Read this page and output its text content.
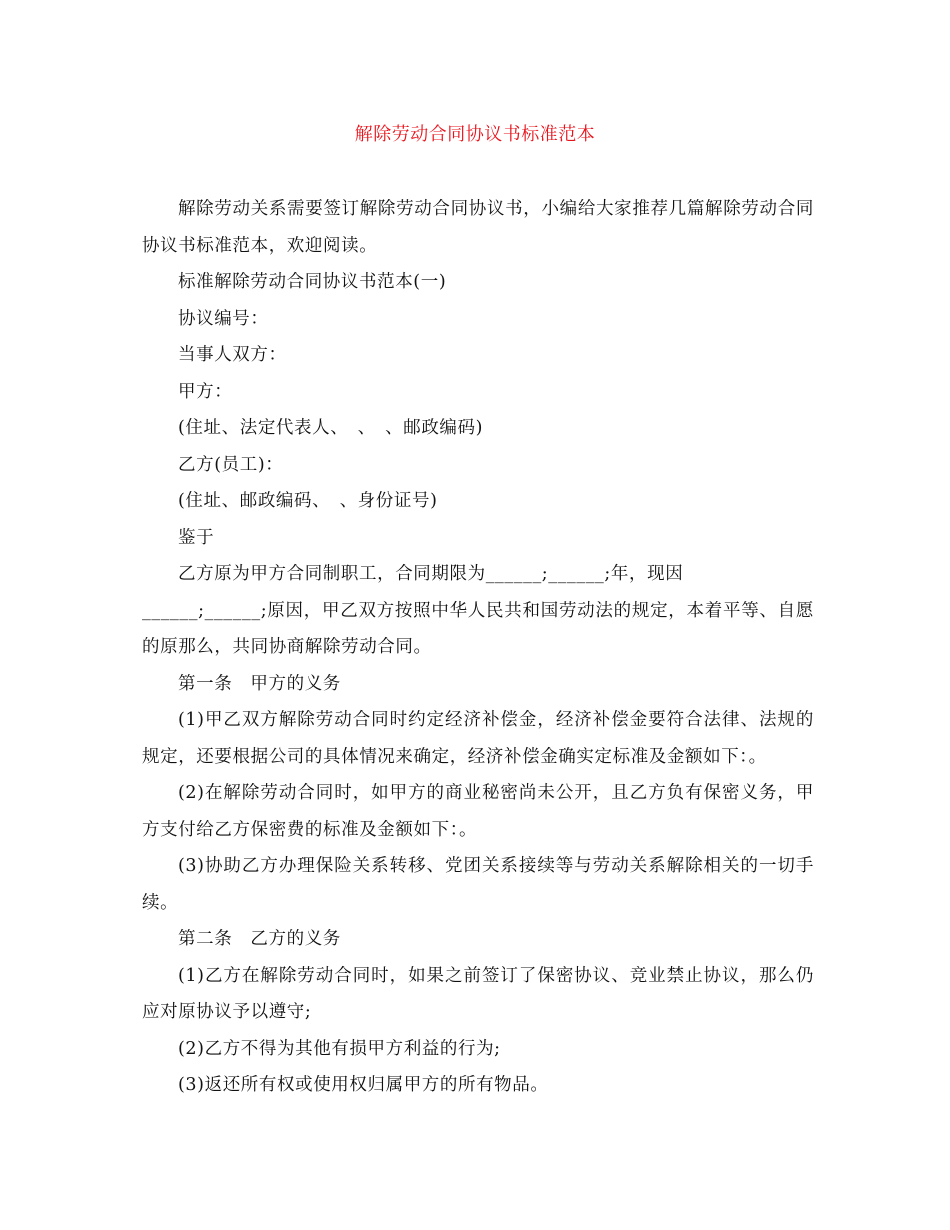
解除劳动合同协议书标准范本

解除劳动关系需要签订解除劳动合同协议书，小编给大家推荐几篇解除劳动合同协议书标准范本，欢迎阅读。

标准解除劳动合同协议书范本(一)

协议编号：

当事人双方：

甲方：

(住址、法定代表人、　、　、邮政编码)

乙方(员工)：

(住址、邮政编码、　、身份证号)

鉴于

乙方原为甲方合同制职工，合同期限为______;______;年，现因

______;______;原因，甲乙双方按照中华人民共和国劳动法的规定，本着平等、自愿的原那么，共同协商解除劳动合同。

第一条　甲方的义务

(1)甲乙双方解除劳动合同时约定经济补偿金，经济补偿金要符合法律、法规的规定，还要根据公司的具体情况来确定，经济补偿金确实定标准及金额如下：。

(2)在解除劳动合同时，如甲方的商业秘密尚未公开，且乙方负有保密义务，甲方支付给乙方保密费的标准及金额如下：。

(3)协助乙方办理保险关系转移、党团关系接续等与劳动关系解除相关的一切手续。

第二条　乙方的义务

(1)乙方在解除劳动合同时，如果之前签订了保密协议、竞业禁止协议，那么仍应对原协议予以遵守;

(2)乙方不得为其他有损甲方利益的行为;

(3)返还所有权或使用权归属甲方的所有物品。
